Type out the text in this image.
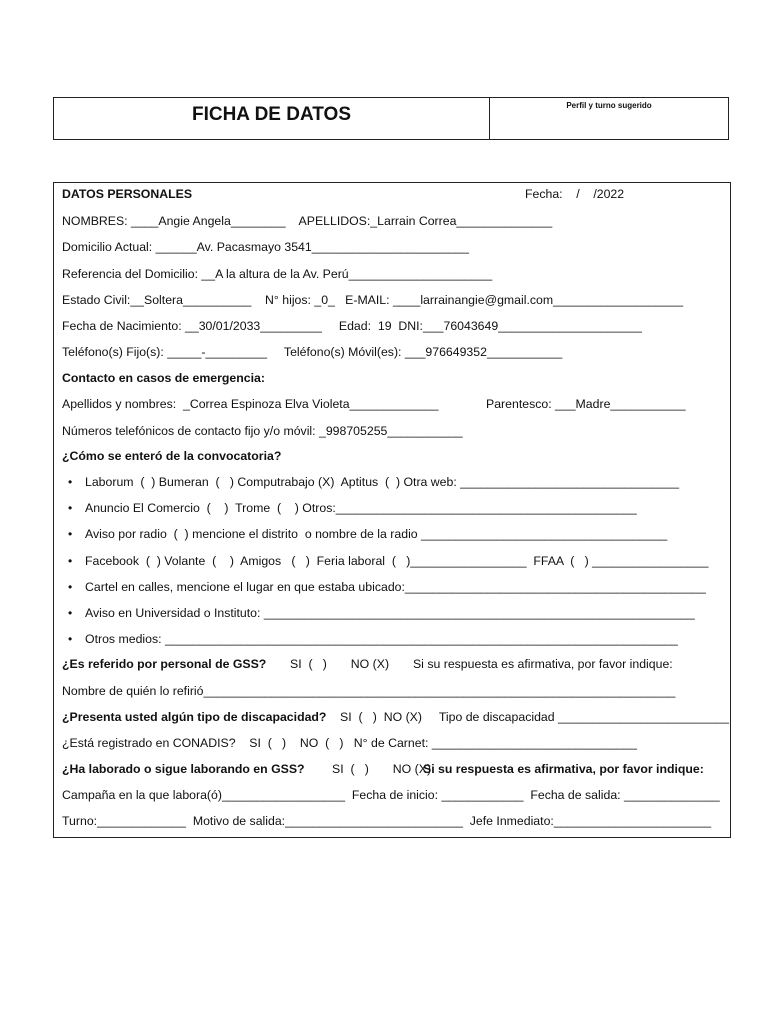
FICHA DE DATOS	Perfil y turno sugerido
DATOS PERSONALES	Fecha:    /    /2022
NOMBRES: ____Angie Angela________    APELLIDOS:_Larrain Correa______________
Domicilio Actual: ______Av. Pacasmayo 3541_______________________
Referencia del Domicilio: __A la altura de la Av. Perú_____________________
Estado Civil:__Soltera__________    N° hijos: _0_   E-MAIL: ____larrainangie@gmail.com___________________
Fecha de Nacimiento: __30/01/2033_________     Edad:  19  DNI:___76043649_____________________
Teléfono(s) Fijo(s): _____-_________     Teléfono(s) Móvil(es): ___976649352___________
Contacto en casos de emergencia:
Apellidos y nombres:  _Correa Espinoza Elva Violeta_____________	Parentesco: ___Madre___________
Números telefónicos de contacto fijo y/o móvil: _998705255___________
¿Cómo se enteró de la convocatoria?
• Laborum  (  ) Bumeran  (   ) Computrabajo (X)  Aptitus  (  ) Otra web: ________________________________
• Anuncio El Comercio  (    )  Trome  (    ) Otros:____________________________________________
• Aviso por radio  (  ) mencione el distrito  o nombre de la radio ____________________________________
• Facebook  (  ) Volante  (    )  Amigos   (   )  Feria laboral  (   )_________________  FFAA  (   ) _________________
• Cartel en calles, mencione el lugar en que estaba ubicado:____________________________________________
• Aviso en Universidad o Instituto: _______________________________________________________________
• Otros medios: ___________________________________________________________________________
¿Es referido por personal de GSS? SI  (   )       NO (X)       Si su respuesta es afirmativa, por favor indique:
Nombre de quién lo refirió_____________________________________________________________________
¿Presenta usted algún tipo de discapacidad? SI  (   )  NO (X)     Tipo de discapacidad _________________________
¿Está registrado en CONADIS?    SI  (   )    NO  (   )   N° de Carnet: ______________________________
¿Ha laborado o sigue laborando en GSS? SI  (   )       NO (X)
Si su respuesta es afirmativa, por favor indique:
Campaña en la que labora(ó)__________________  Fecha de inicio: ____________  Fecha de salida: ______________
Turno:_____________  Motivo de salida:__________________________  Jefe Inmediato:_______________________
